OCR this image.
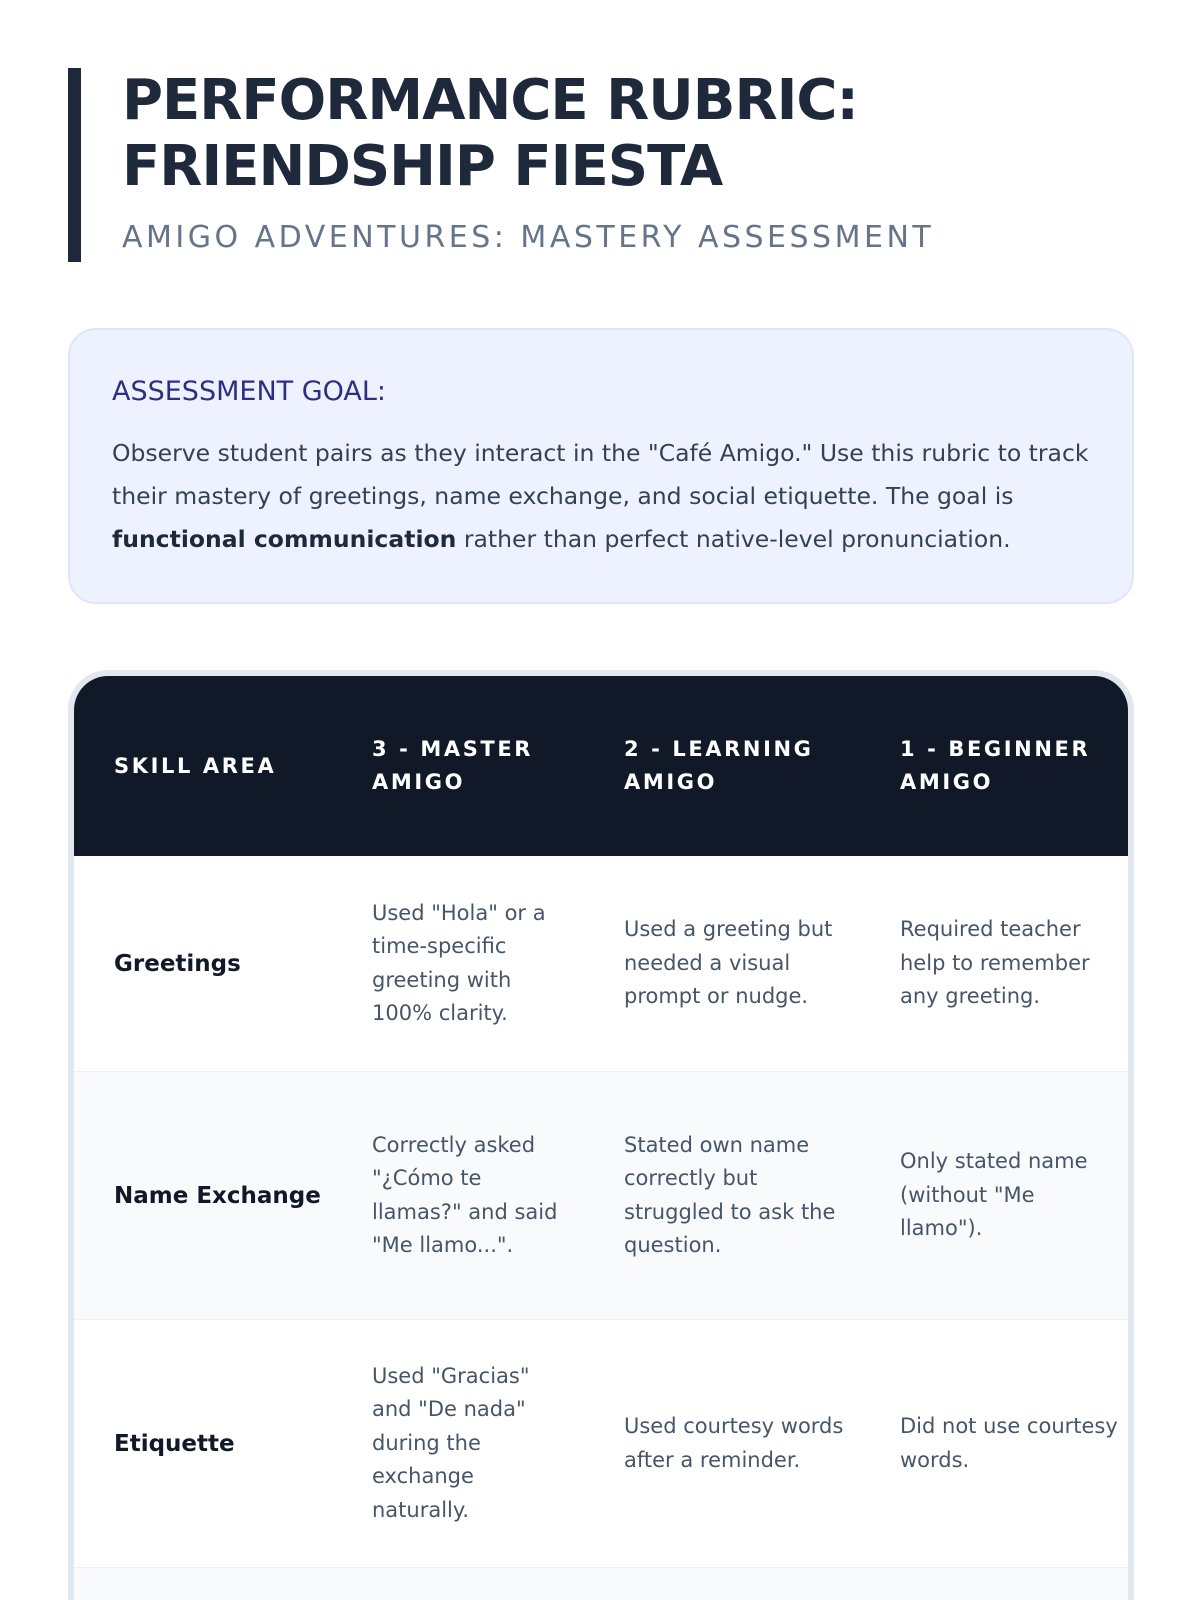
PERFORMANCE RUBRIC:
FRIENDSHIP FIESTA
AMIGO ADVENTURES: MASTERY ASSESSMENT
ASSESSMENT GOAL:

Observe student pairs as they interact in the "Café Amigo." Use this rubric to track their mastery of greetings, name exchange, and social etiquette. The goal is functional communication rather than perfect native-level pronunciation.

SKILL AREA
3 - MASTER AMIGO
2 - LEARNING AMIGO
1 - BEGINNER AMIGO
Greetings
Used "Hola" or a time-specific greeting with 100% clarity.
Used a greeting but needed a visual prompt or nudge.
Required teacher help to remember any greeting.
Name Exchange
Correctly asked "¿Cómo te llamas?" and said "Me llamo...".
Stated own name correctly but struggled to ask the question.
Only stated name (without "Me llamo").
Etiquette
Used "Gracias" and "De nada" during the exchange naturally.
Used courtesy words after a reminder.
Did not use courtesy words.
